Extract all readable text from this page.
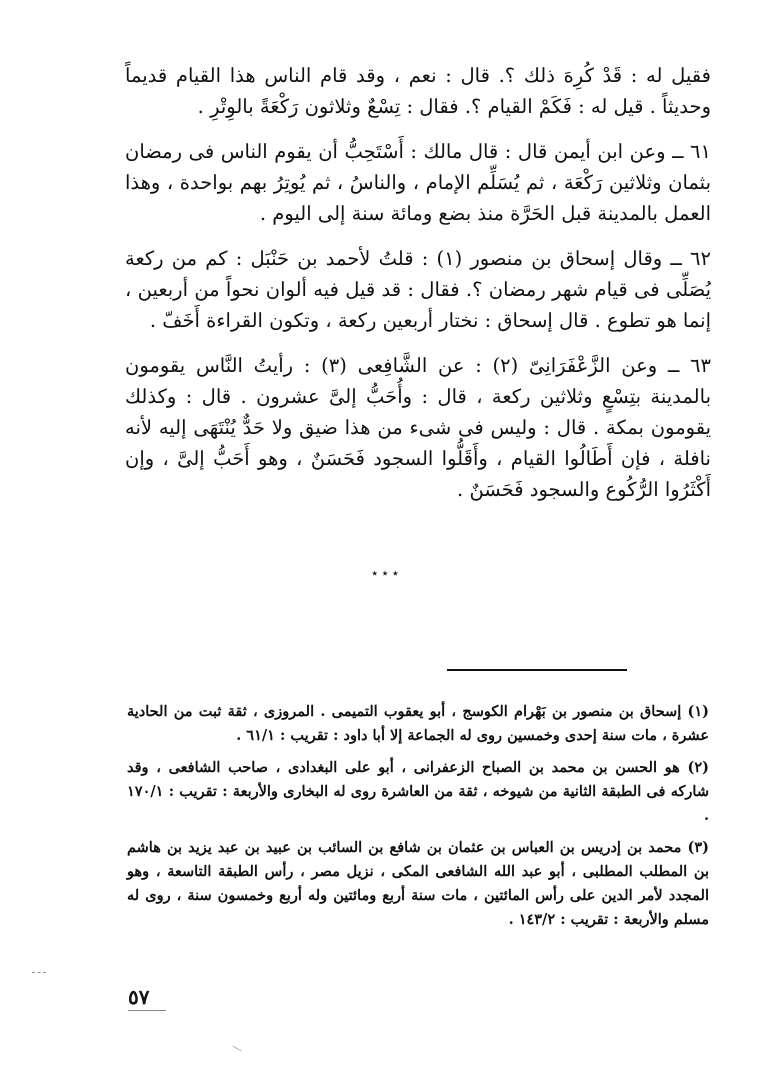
فقيل له : قَدْ كُرِهَ ذلك ؟. قال : نعم ، وقد قام الناس هذا القيام قديماً وحديثاً . قيل له : فَكَمْ القيام ؟. فقال : تِسْعٌ وثلاثون رَكْعَةً بالوِتْرِ .

٦١ ــ وعن ابن أيمن قال : قال مالك : أَسْتَحِبُّ أن يقوم الناس فى رمضان بثمان وثلاثين رَكْعَة ، ثم يُسَلِّم الإمام ، والناسُ ، ثم يُوتِرُ بهم بواحدة ، وهذا العمل بالمدينة قبل الحَرَّة منذ بضع ومائة سنة إلى اليوم .

٦٢ ــ وقال إسحاق بن منصور (١) : قلتُ لأحمد بن حَنْبَل : كم من ركعة يُصَلِّى فى قيام شهر رمضان ؟. فقال : قد قيل فيه ألوان نحواً من أربعين ، إنما هو تطوع . قال إسحاق : نختار أربعين ركعة ، وتكون القراءة أَخَفّ .

٦٣ ــ وعن الزَّعْفَرَانِىّ (٢) : عن الشَّافِعى (٣) : رأيتُ النَّاس يقومون بالمدينة بتِسْعٍ وثلاثين ركعة ، قال : وأُحَبُّ إلىَّ عشرون . قال : وكذلك يقومون بمكة . قال : وليس فى شىء من هذا ضيق ولا حَدٌّ يُنْتَهَى إليه لأنه نافلة ، فإن أَطَالُوا القيام ، وأَقَلُّوا السجود فَحَسَنٌ ، وهو أَحَبُّ إلىَّ ، وإن أَكْثَرُوا الرُّكُوع والسجود فَحَسَنٌ .

٭ ٭ ٭

(١) إسحاق بن منصور بن بَهْرام الكوسج ، أبو يعقوب التميمى . المروزى ، ثقة ثبت من الحادية عشرة ، مات سنة إحدى وخمسين روى له الجماعة إلا أبا داود : تقريب : ٦١/١ .

(٢) هو الحسن بن محمد بن الصباح الزعفرانى ، أبو على البغدادى ، صاحب الشافعى ، وقد شاركه فى الطبقة الثانية من شيوخه ، ثقة من العاشرة روى له البخارى والأربعة : تقريب : ١٧٠/١ .

(٣) محمد بن إدريس بن العباس بن عثمان بن شافع بن السائب بن عبيد بن عبد يزيد بن هاشم بن المطلب المطلبى ، أبو عبد الله الشافعى المكى ، نزيل مصر ، رأس الطبقة التاسعة ، وهو المجدد لأمر الدين على رأس المائتين ، مات سنة أربع ومائتين وله أربع وخمسون سنة ، روى له مسلم والأربعة : تقريب : ١٤٣/٢ .

٥٧
